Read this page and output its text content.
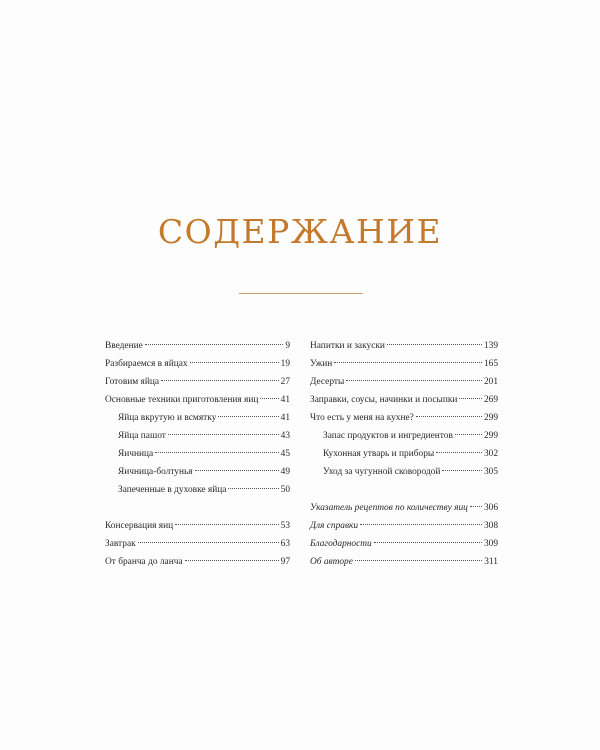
СОДЕРЖАНИЕ
Введение	9
Разбираемся в яйцах	19
Готовим яйца	27
Основные техники приготовления яиц 41
Яйца вкрутую и всмятку	41
Яйца пашот	43
Яичница	45
Яичница-болтунья	49
Запеченные в духовке яйца	50
Консервация яиц	53
Завтрак	63
От бранча до ланча	97
Напитки и закуски	139
Ужин	165
Десерты	201
Заправки, соусы, начинки и посыпки	269
Что есть у меня на кухне?	299
Запас продуктов и ингредиентов	299
Кухонная утварь и приборы	302
Уход за чугунной сковородой	305
Указатель рецептов по количеству яиц 306
Для справки	308
Благодарности	309
Об авторе	311
